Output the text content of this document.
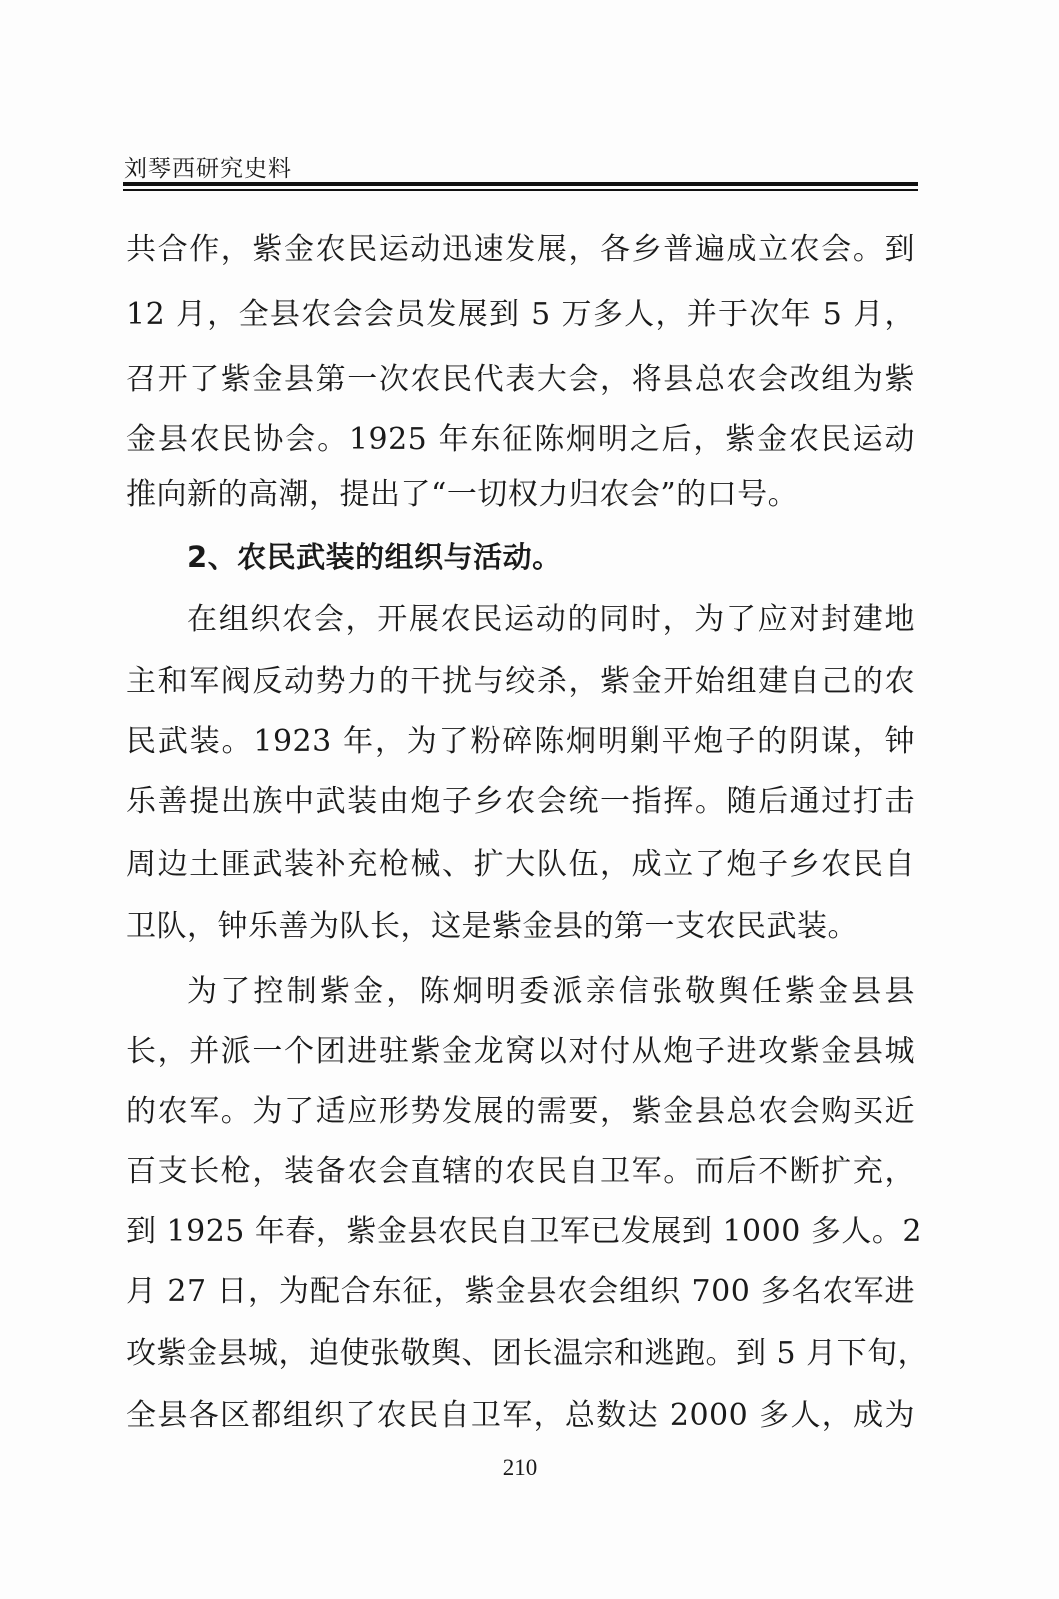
刘琴西研究史料
共合作，紫金农民运动迅速发展，各乡普遍成立农会。到
12 月，全县农会会员发展到 5 万多人，并于次年 5 月，
召开了紫金县第一次农民代表大会，将县总农会改组为紫
金县农民协会。1925 年东征陈炯明之后，紫金农民运动
推向新的高潮，提出了“一切权力归农会”的口号。
2、农民武装的组织与活动。
在组织农会，开展农民运动的同时，为了应对封建地
主和军阀反动势力的干扰与绞杀，紫金开始组建自己的农
民武装。1923 年，为了粉碎陈炯明剿平炮子的阴谋，钟
乐善提出族中武装由炮子乡农会统一指挥。随后通过打击
周边土匪武装补充枪械、扩大队伍，成立了炮子乡农民自
卫队，钟乐善为队长，这是紫金县的第一支农民武装。
为了控制紫金，陈炯明委派亲信张敬舆任紫金县县
长，并派一个团进驻紫金龙窝以对付从炮子进攻紫金县城
的农军。为了适应形势发展的需要，紫金县总农会购买近
百支长枪，装备农会直辖的农民自卫军。而后不断扩充，
到 1925 年春，紫金县农民自卫军已发展到 1000 多人。2
月 27 日，为配合东征，紫金县农会组织 700 多名农军进
攻紫金县城，迫使张敬舆、团长温宗和逃跑。到 5 月下旬，
全县各区都组织了农民自卫军，总数达 2000 多人，成为
210
